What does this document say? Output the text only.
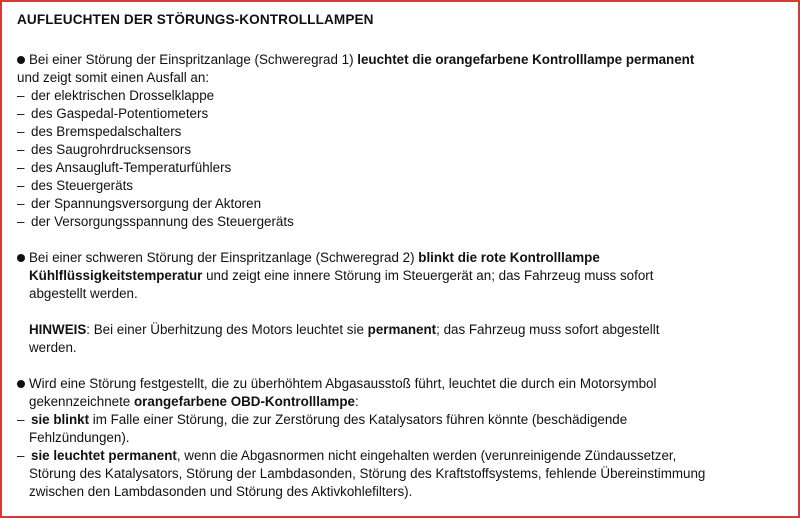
AUFLEUCHTEN DER STÖRUNGS-KONTROLLLAMPEN
Bei einer Störung der Einspritzanlage (Schweregrad 1) leuchtet die orangefarbene Kontrolllampe permanent
und zeigt somit einen Ausfall an:
– der elektrischen Drosselklappe
– des Gaspedal-Potentiometers
– des Bremspedalschalters
– des Saugrohrdrucksensors
– des Ansaugluft-Temperaturfühlers
– des Steuergeräts
– der Spannungsversorgung der Aktoren
– der Versorgungsspannung des Steuergeräts
Bei einer schweren Störung der Einspritzanlage (Schweregrad 2) blinkt die rote Kontrolllampe
Kühlflüssigkeitstemperatur und zeigt eine innere Störung im Steuergerät an; das Fahrzeug muss sofort
abgestellt werden.
HINWEIS: Bei einer Überhitzung des Motors leuchtet sie permanent; das Fahrzeug muss sofort abgestellt
werden.
Wird eine Störung festgestellt, die zu überhöhtem Abgasausstoß führt, leuchtet die durch ein Motorsymbol
gekennzeichnete orangefarbene OBD-Kontrolllampe:
– sie blinkt im Falle einer Störung, die zur Zerstörung des Katalysators führen könnte (beschädigende
Fehlzündungen).
– sie leuchtet permanent, wenn die Abgasnormen nicht eingehalten werden (verunreinigende Zündaussetzer,
Störung des Katalysators, Störung der Lambdasonden, Störung des Kraftstoffsystems, fehlende Übereinstimmung
zwischen den Lambdasonden und Störung des Aktivkohlefilters).
